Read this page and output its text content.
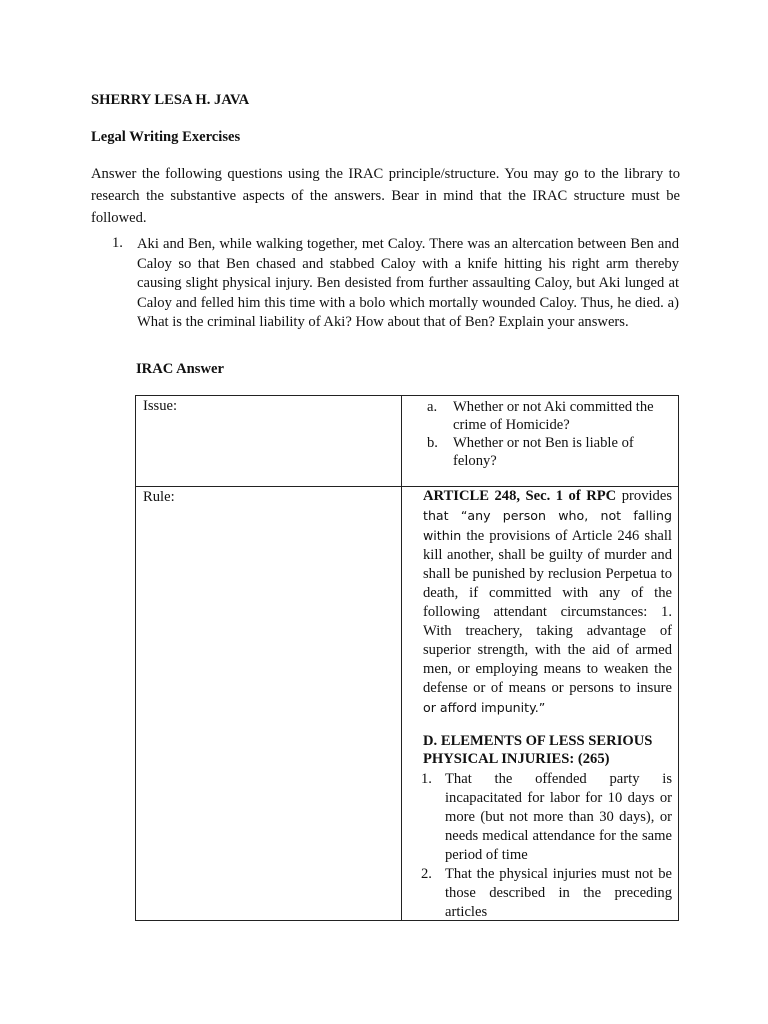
SHERRY LESA H. JAVA
Legal Writing Exercises
Answer the following questions using the IRAC principle/structure. You may go to the library to research the substantive aspects of the answers. Bear in mind that the IRAC structure must be followed.
1. Aki and Ben, while walking together, met Caloy. There was an altercation between Ben and Caloy so that Ben chased and stabbed Caloy with a knife hitting his right arm thereby causing slight physical injury. Ben desisted from further assaulting Caloy, but Aki lunged at Caloy and felled him this time with a bolo which mortally wounded Caloy. Thus, he died. a) What is the criminal liability of Aki? How about that of Ben? Explain your answers.
IRAC Answer
Issue:	a. Whether or not Aki committed the crime of Homicide?
b. Whether or not Ben is liable of felony?
Rule:	ARTICLE 248, Sec. 1 of RPC provides that “any person who, not falling within the provisions of Article 246 shall kill another, shall be guilty of murder and shall be punished by reclusion Perpetua to death, if committed with any of the following attendant circumstances: 1. With treachery, taking advantage of superior strength, with the aid of armed men, or employing means to weaken the defense or of means or persons to insure or afford impunity.”
D. ELEMENTS OF LESS SERIOUS PHYSICAL INJURIES: (265)
1. That the offended party is incapacitated for labor for 10 days or more (but not more than 30 days), or needs medical attendance for the same period of time
2. That the physical injuries must not be those described in the preceding articles
